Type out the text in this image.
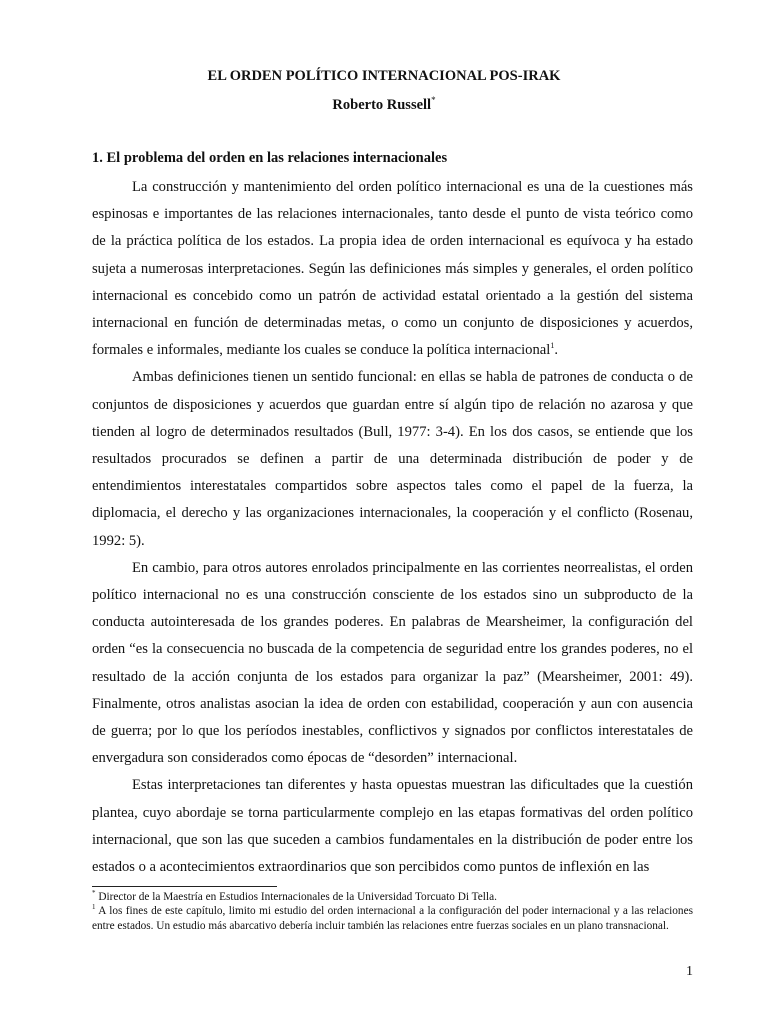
EL ORDEN POLÍTICO INTERNACIONAL POS-IRAK
Roberto Russell*
1. El problema del orden en las relaciones internacionales

La construcción y mantenimiento del orden político internacional es una de la cuestiones más espinosas e importantes de las relaciones internacionales, tanto desde el punto de vista teórico como de la práctica política de los estados. La propia idea de orden internacional es equívoca y ha estado sujeta a numerosas interpretaciones. Según las definiciones más simples y generales, el orden político internacional es concebido como un patrón de actividad estatal orientado a la gestión del sistema internacional en función de determinadas metas, o como un conjunto de disposiciones y acuerdos, formales e informales, mediante los cuales se conduce la política internacional$^1$.

Ambas definiciones tienen un sentido funcional: en ellas se habla de patrones de conducta o de conjuntos de disposiciones y acuerdos que guardan entre sí algún tipo de relación no azarosa y que tienden al logro de determinados resultados (Bull, 1977: 3-4). En los dos casos, se entiende que los resultados procurados se definen a partir de una determinada distribución de poder y de entendimientos interestatales compartidos sobre aspectos tales como el papel de la fuerza, la diplomacia, el derecho y las organizaciones internacionales, la cooperación y el conflicto (Rosenau, 1992: 5).

En cambio, para otros autores enrolados principalmente en las corrientes neorrealistas, el orden político internacional no es una construcción consciente de los estados sino un subproducto de la conducta autointeresada de los grandes poderes. En palabras de Mearsheimer, la configuración del orden “es la consecuencia no buscada de la competencia de seguridad entre los grandes poderes, no el resultado de la acción conjunta de los estados para organizar la paz” (Mearsheimer, 2001: 49). Finalmente, otros analistas asocian la idea de orden con estabilidad, cooperación y aun con ausencia de guerra; por lo que los períodos inestables, conflictivos y signados por conflictos interestatales de envergadura son considerados como épocas de “desorden” internacional.

Estas interpretaciones tan diferentes y hasta opuestas muestran las dificultades que la cuestión plantea, cuyo abordaje se torna particularmente complejo en las etapas formativas del orden político internacional, que son las que suceden a cambios fundamentales en la distribución de poder entre los estados o a acontecimientos extraordinarios que son percibidos como puntos de inflexión en las

* Director de la Maestría en Estudios Internacionales de la Universidad Torcuato Di Tella.

$^1$ A los fines de este capítulo, limito mi estudio del orden internacional a la configuración del poder internacional y a las relaciones entre estados. Un estudio más abarcativo debería incluir también las relaciones entre fuerzas sociales en un plano transnacional.

1
